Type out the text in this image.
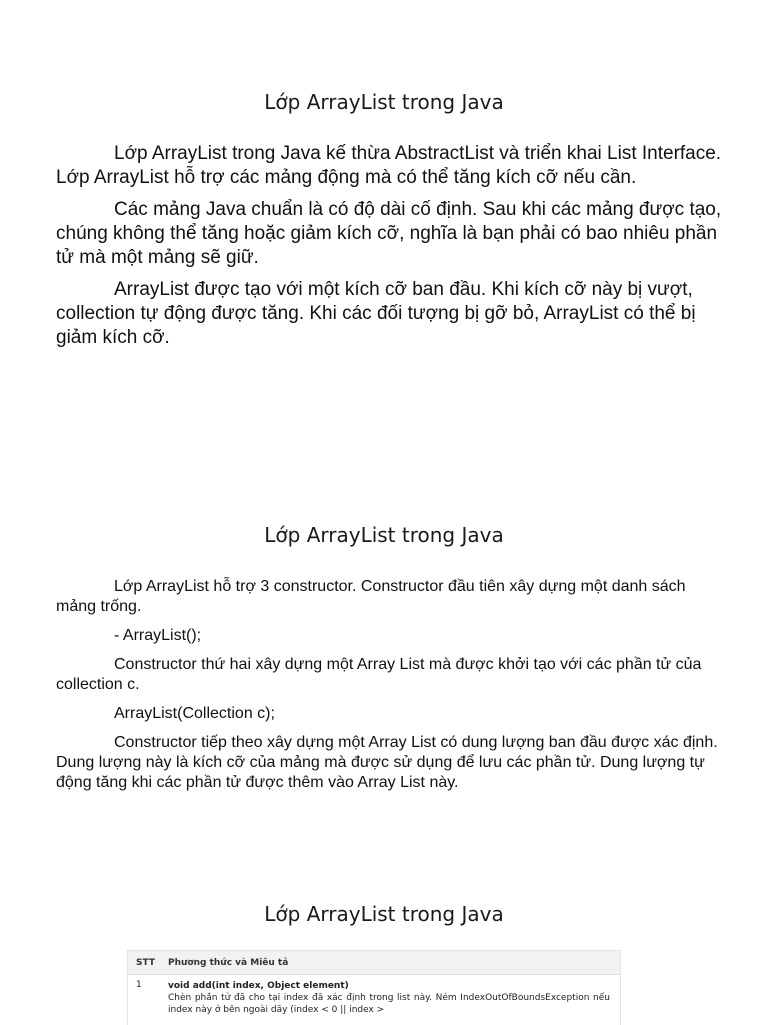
Lớp ArrayList trong Java

Lớp ArrayList trong Java kế thừa AbstractList và triển khai List Interface. Lớp ArrayList hỗ trợ các mảng động mà có thể tăng kích cỡ nếu cần.

Các mảng Java chuẩn là có độ dài cố định. Sau khi các mảng được tạo, chúng không thể tăng hoặc giảm kích cỡ, nghĩa là bạn phải có bao nhiêu phần tử mà một mảng sẽ giữ.

ArrayList được tạo với một kích cỡ ban đầu. Khi kích cỡ này bị vượt, collection tự động được tăng. Khi các đối tượng bị gỡ bỏ, ArrayList có thể bị giảm kích cỡ.

Lớp ArrayList trong Java

Lớp ArrayList hỗ trợ 3 constructor. Constructor đầu tiên xây dựng một danh sách mảng trống.

- ArrayList();

Constructor thứ hai xây dựng một Array List mà được khởi tạo với các phần tử của collection c.

ArrayList(Collection c);

Constructor tiếp theo xây dựng một Array List có dung lượng ban đầu được xác định. Dung lượng này là kích cỡ của mảng mà được sử dụng để lưu các phần tử. Dung lượng tự động tăng khi các phần tử được thêm vào Array List này.

Lớp ArrayList trong Java
STT	Phương thức và Miêu tả
1	void add(int index, Object element)
Chèn phần tử đã cho tại index đã xác định trong list này. Ném IndexOutOfBoundsException nếu index này ở bên ngoài dãy (index < 0 || index >
